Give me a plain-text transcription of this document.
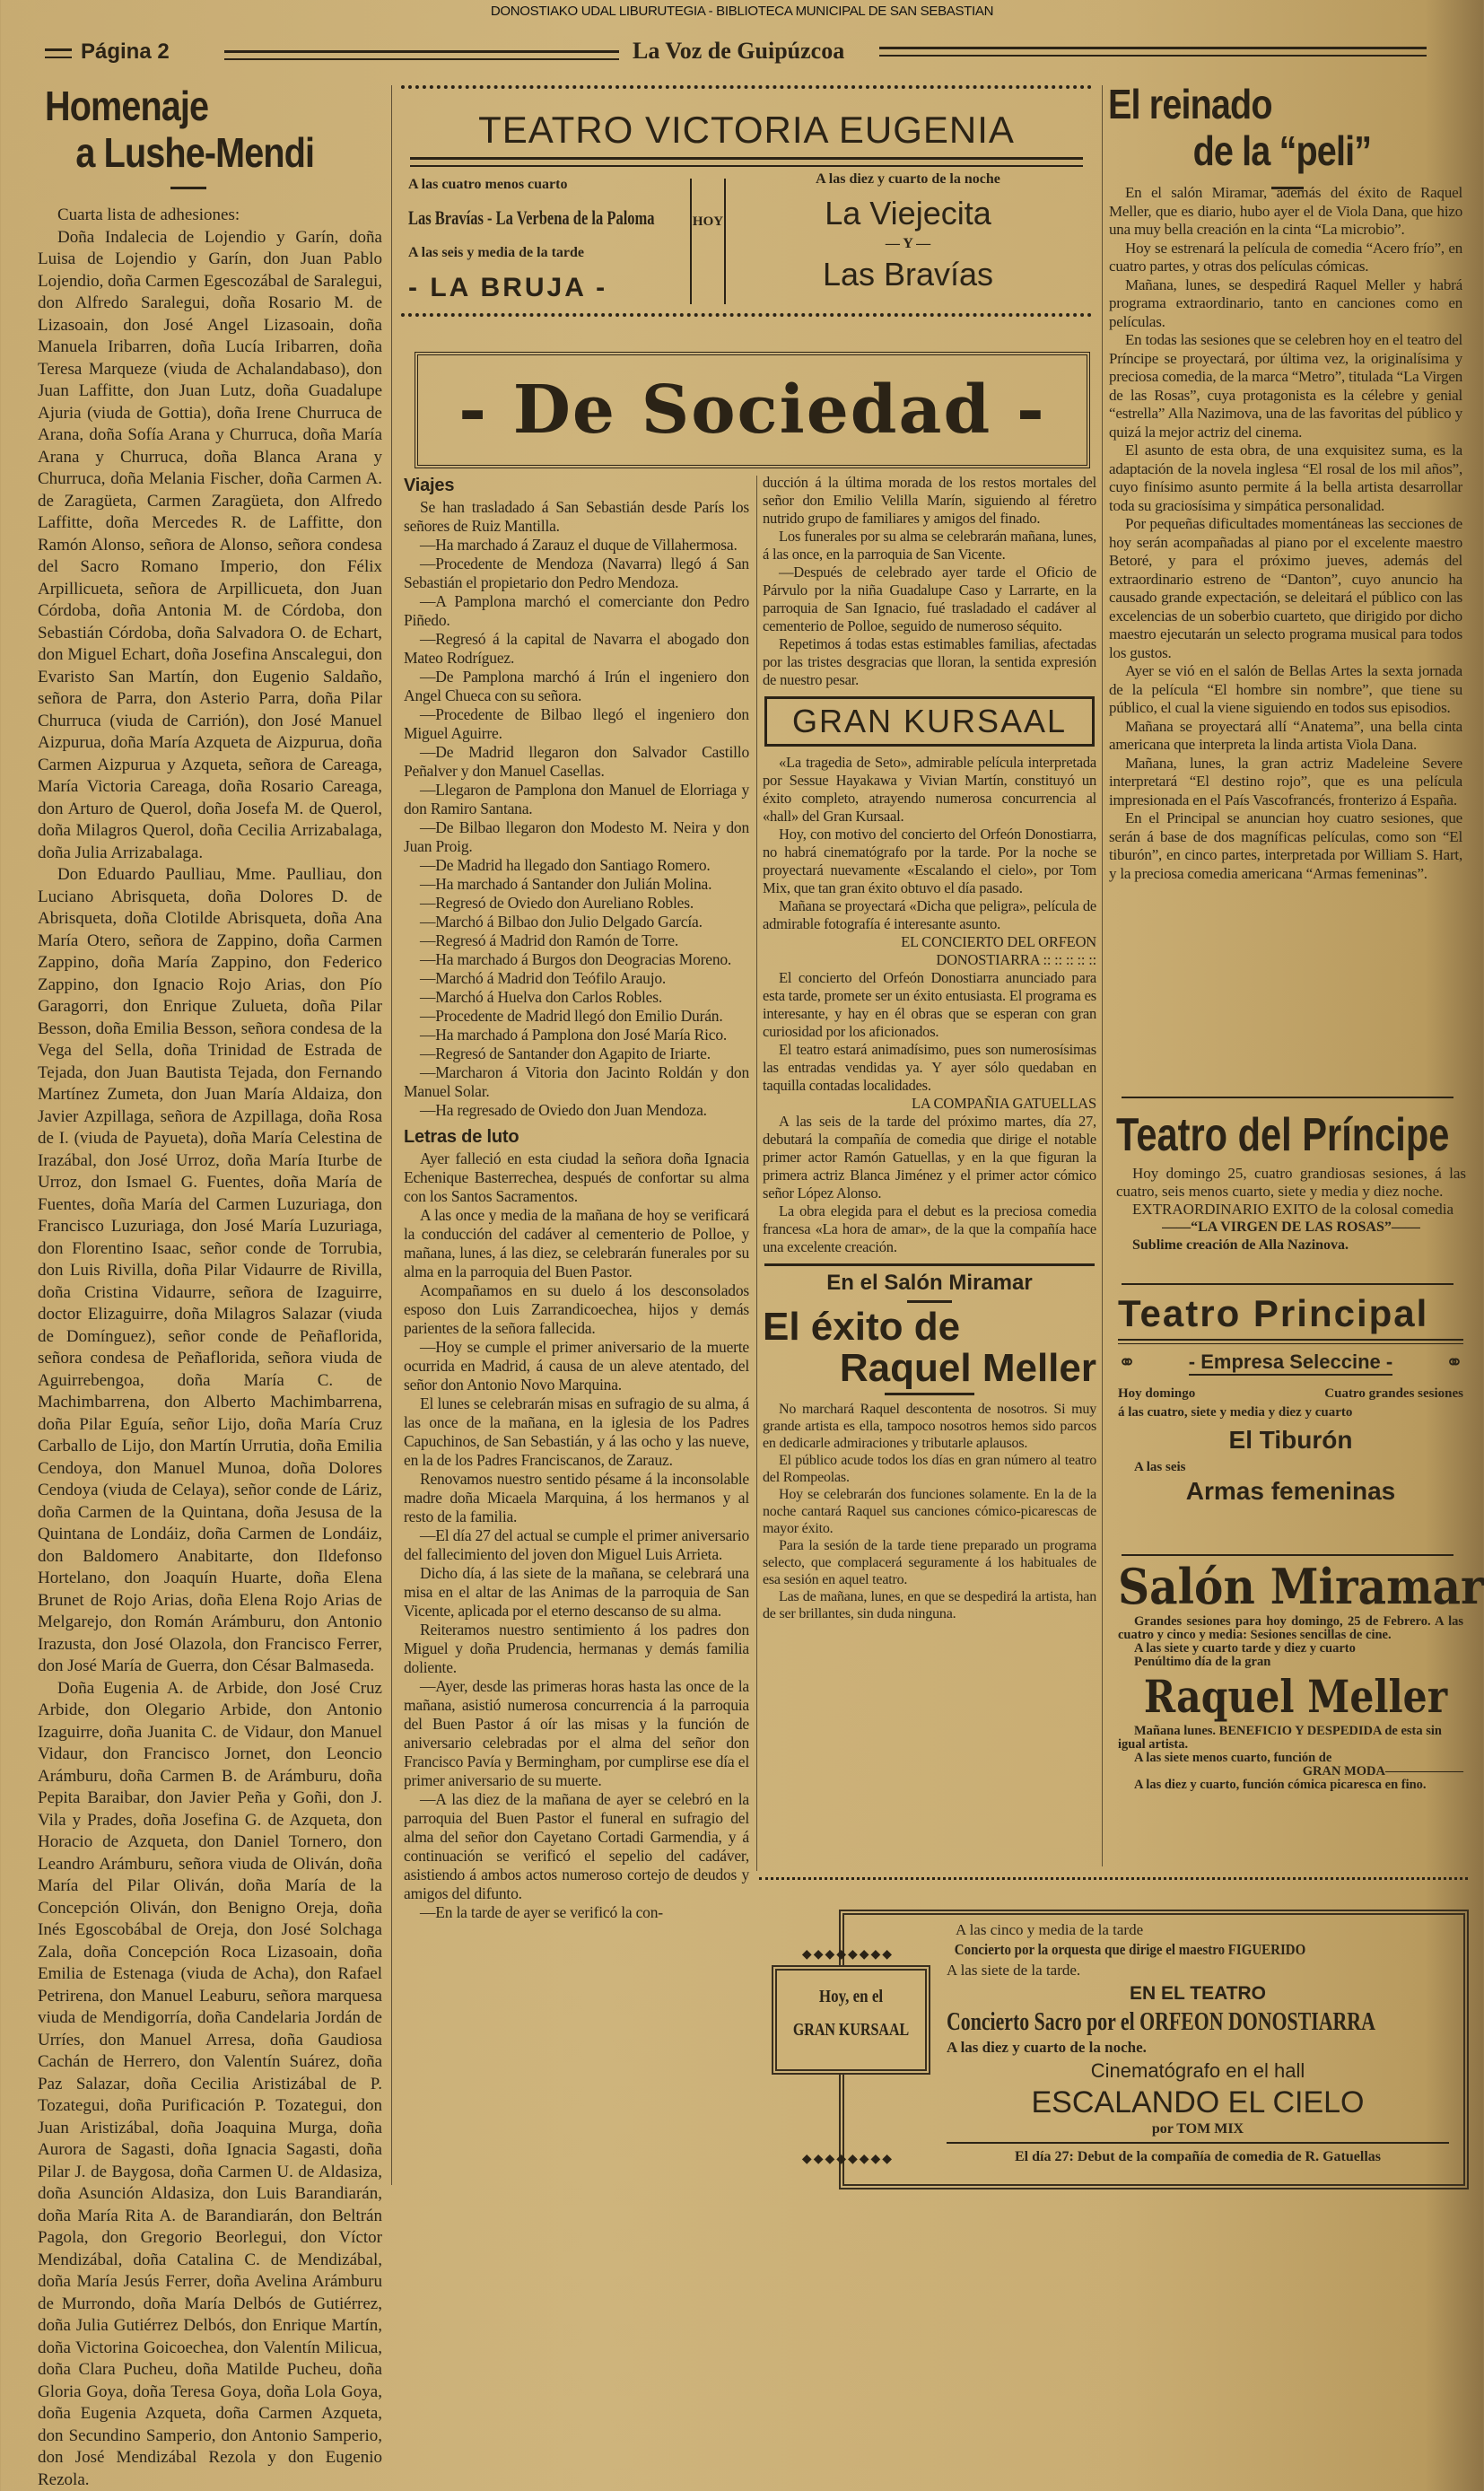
DONOSTIAKO UDAL LIBURUTEGIA - BIBLIOTECA MUNICIPAL DE SAN SEBASTIAN
Página 2	La Voz de Guipúzcoa
Homenaje
a Lushe-Mendi

Cuarta lista de adhesiones:

Doña Indalecia de Lojendio y Garín, doña Luisa de Lojendio y Garín, don Juan Pablo Lojendio, doña Carmen Egescozábal de Saralegui, don Alfredo Saralegui, doña Rosario M. de Lizasoain, don José Angel Lizasoain, doña Manuela Iribarren, doña Lucía Iribarren, doña Teresa Marqueze (viuda de Achalandabaso), don Juan Laffitte, don Juan Lutz, doña Guadalupe Ajuria (viuda de Gottia), doña Irene Churruca de Arana, doña Sofía Arana y Churruca, doña María Arana y Churruca, doña Blanca Arana y Churruca, doña Melania Fischer, doña Carmen A. de Zaragüeta, Carmen Zaragüeta, don Alfredo Laffitte, doña Mercedes R. de Laffitte, don Ramón Alonso, señora de Alonso, señora condesa del Sacro Romano Imperio, don Félix Arpillicueta, señora de Arpillicueta, don Juan Córdoba, doña Antonia M. de Córdoba, don Sebastián Córdoba, doña Salvadora O. de Echart, don Miguel Echart, doña Josefina Anscalegui, don Evaristo San Martín, don Eugenio Saldaño, señora de Parra, don Asterio Parra, doña Pilar Churruca (viuda de Carrión), don José Manuel Aizpurua, doña María Azqueta de Aizpurua, doña Carmen Aizpurua y Azqueta, señora de Careaga, María Victoria Careaga, doña Rosario Careaga, don Arturo de Querol, doña Josefa M. de Querol, doña Milagros Querol, doña Cecilia Arrizabalaga, doña Julia Arrizabalaga.

Don Eduardo Paulliau, Mme. Paulliau, don Luciano Abrisqueta, doña Dolores D. de Abrisqueta, doña Clotilde Abrisqueta, doña Ana María Otero, señora de Zappino, doña Carmen Zappino, doña María Zappino, don Federico Zappino, don Ignacio Rojo Arias, don Pío Garagorri, don Enrique Zulueta, doña Pilar Besson, doña Emilia Besson, señora condesa de la Vega del Sella, doña Trinidad de Estrada de Tejada, don Juan Bautista Tejada, don Fernando Martínez Zumeta, don Juan María Aldaiza, don Javier Azpillaga, señora de Azpillaga, doña Rosa de I. (viuda de Payueta), doña María Celestina de Irazábal, don José Urroz, doña María Iturbe de Urroz, don Ismael G. Fuentes, doña María de Fuentes, doña María del Carmen Luzuriaga, don Francisco Luzuriaga, don José María Luzuriaga, don Florentino Isaac, señor conde de Torrubia, don Luis Rivilla, doña Pilar Vidaurre de Rivilla, doña Cristina Vidaurre, señora de Izaguirre, doctor Elizaguirre, doña Milagros Salazar (viuda de Domínguez), señor conde de Peñaflorida, señora condesa de Peñaflorida, señora viuda de Aguirrebengoa, doña María C. de Machimbarrena, don Alberto Machimbarrena, doña Pilar Eguía, señor Lijo, doña María Cruz Carballo de Lijo, don Martín Urrutia, doña Emilia Cendoya, don Manuel Munoa, doña Dolores Cendoya (viuda de Celaya), señor conde de Láriz, doña Carmen de la Quintana, doña Jesusa de la Quintana de Londáiz, doña Carmen de Londáiz, don Baldomero Anabitarte, don Ildefonso Hortelano, don Joaquín Huarte, doña Elena Brunet de Rojo Arias, doña Elena Rojo Arias de Melgarejo, don Román Arámburu, don Antonio Irazusta, don José Olazola, don Francisco Ferrer, don José María de Guerra, don César Balmaseda.

Doña Eugenia A. de Arbide, don José Cruz Arbide, don Olegario Arbide, don Antonio Izaguirre, doña Juanita C. de Vidaur, don Manuel Vidaur, don Francisco Jornet, don Leoncio Arámburu, doña Carmen B. de Arámburu, doña Pepita Baraibar, don Javier Peña y Goñi, don J. Vila y Prades, doña Josefina G. de Azqueta, don Horacio de Azqueta, don Daniel Tornero, don Leandro Arámburu, señora viuda de Oliván, doña María del Pilar Oliván, doña María de la Concepción Oliván, don Benigno Oreja, doña Inés Egoscobábal de Oreja, don José Solchaga Zala, doña Concepción Roca Lizasoain, doña Emilia de Estenaga (viuda de Acha), don Rafael Petrirena, don Manuel Leaburu, señora marquesa viuda de Mendigorría, doña Candelaria Jordán de Urríes, don Manuel Arresa, doña Gaudiosa Cachán de Herrero, don Valentín Suárez, doña Paz Salazar, doña Cecilia Aristizábal de P. Tozategui, doña Purificación P. Tozategui, don Juan Aristizábal, doña Joaquina Murga, doña Aurora de Sagasti, doña Ignacia Sagasti, doña Pilar J. de Baygosa, doña Carmen U. de Aldasiza, doña Asunción Aldasiza, don Luis Barandiarán, doña María Rita A. de Barandiarán, don Beltrán Pagola, don Gregorio Beorlegui, don Víctor Mendizábal, doña Catalina C. de Mendizábal, doña María Jesús Ferrer, doña Avelina Arámburu de Murrondo, doña María Delbós de Gutiérrez, doña Julia Gutiérrez Delbós, don Enrique Martín, doña Victorina Goicoechea, don Valentín Milicua, doña Clara Pucheu, doña Matilde Pucheu, doña Gloria Goya, doña Teresa Goya, doña Lola Goya, doña Eugenia Azqueta, doña Carmen Azqueta, don Secundino Samperio, don Antonio Samperio, don José Mendizábal Rezola y don Eugenio Rezola.

TEATRO VICTORIA EUGENIA
A las cuatro menos cuarto
Las Bravías - La Verbena de la Paloma
A las seis y media de la tarde
- LA BRUJA -
HOY
A las diez y cuarto de la noche
La Viejecita
— Y —
Las Bravías
- De Sociedad -
Viajes

Se han trasladado á San Sebastián desde París los señores de Ruiz Mantilla.

—Ha marchado á Zarauz el duque de Villahermosa.

—Procedente de Mendoza (Navarra) llegó á San Sebastián el propietario don Pedro Mendoza.

—A Pamplona marchó el comerciante don Pedro Piñedo.

—Regresó á la capital de Navarra el abogado don Mateo Rodríguez.

—De Pamplona marchó á Irún el ingeniero don Angel Chueca con su señora.

—Procedente de Bilbao llegó el ingeniero don Miguel Aguirre.

—De Madrid llegaron don Salvador Castillo Peñalver y don Manuel Casellas.

—Llegaron de Pamplona don Manuel de Elorriaga y don Ramiro Santana.

—De Bilbao llegaron don Modesto M. Neira y don Juan Proig.

—De Madrid ha llegado don Santiago Romero.

—Ha marchado á Santander don Julián Molina.

—Regresó de Oviedo don Aureliano Robles.

—Marchó á Bilbao don Julio Delgado García.

—Regresó á Madrid don Ramón de Torre.

—Ha marchado á Burgos don Deogracias Moreno.

—Marchó á Madrid don Teófilo Araujo.

—Marchó á Huelva don Carlos Robles.

—Procedente de Madrid llegó don Emilio Durán.

—Ha marchado á Pamplona don José María Rico.

—Regresó de Santander don Agapito de Iriarte.

—Marcharon á Vitoria don Jacinto Roldán y don Manuel Solar.

—Ha regresado de Oviedo don Juan Mendoza.

Letras de luto

Ayer falleció en esta ciudad la señora doña Ignacia Echenique Basterrechea, después de confortar su alma con los Santos Sacramentos.

A las once y media de la mañana de hoy se verificará la conducción del cadáver al cementerio de Polloe, y mañana, lunes, á las diez, se celebrarán funerales por su alma en la parroquia del Buen Pastor.

Acompañamos en su duelo á los desconsolados esposo don Luis Zarrandicoechea, hijos y demás parientes de la señora fallecida.

—Hoy se cumple el primer aniversario de la muerte ocurrida en Madrid, á causa de un aleve atentado, del señor don Antonio Novo Marquina.

El lunes se celebrarán misas en sufragio de su alma, á las once de la mañana, en la iglesia de los Padres Capuchinos, de San Sebastián, y á las ocho y las nueve, en la de los Padres Franciscanos, de Zarauz.

Renovamos nuestro sentido pésame á la inconsolable madre doña Micaela Marquina, á los hermanos y al resto de la familia.

—El día 27 del actual se cumple el primer aniversario del fallecimiento del joven don Miguel Luis Arrieta.

Dicho día, á las siete de la mañana, se celebrará una misa en el altar de las Animas de la parroquia de San Vicente, aplicada por el eterno descanso de su alma.

Reiteramos nuestro sentimiento á los padres don Miguel y doña Prudencia, hermanas y demás familia doliente.

—Ayer, desde las primeras horas hasta las once de la mañana, asistió numerosa concurrencia á la parroquia del Buen Pastor á oír las misas y la función de aniversario celebradas por el alma del señor don Francisco Pavía y Bermingham, por cumplirse ese día el primer aniversario de su muerte.

—A las diez de la mañana de ayer se celebró en la parroquia del Buen Pastor el funeral en sufragio del alma del señor don Cayetano Cortadi Garmendia, y á continuación se verificó el sepelio del cadáver, asistiendo á ambos actos numeroso cortejo de deudos y amigos del difunto.

—En la tarde de ayer se verificó la con-

ducción á la última morada de los restos mortales del señor don Emilio Velilla Marín, siguiendo al féretro nutrido grupo de familiares y amigos del finado.

Los funerales por su alma se celebrarán mañana, lunes, á las once, en la parroquia de San Vicente.

—Después de celebrado ayer tarde el Oficio de Párvulo por la niña Guadalupe Caso y Larrarte, en la parroquia de San Ignacio, fué trasladado el cadáver al cementerio de Polloe, seguido de numeroso séquito.

Repetimos á todas estas estimables familias, afectadas por las tristes desgracias que lloran, la sentida expresión de nuestro pesar.

GRAN KURSAAL

«La tragedia de Seto», admirable película interpretada por Sessue Hayakawa y Vivian Martín, constituyó un éxito completo, atrayendo numerosa concurrencia al «hall» del Gran Kursaal.

Hoy, con motivo del concierto del Orfeón Donostiarra, no habrá cinematógrafo por la tarde. Por la noche se proyectará nuevamente «Escalando el cielo», por Tom Mix, que tan gran éxito obtuvo el día pasado.

Mañana se proyectará «Dicha que peligra», película de admirable fotografía é interesante asunto.

EL CONCIERTO DEL ORFEON DONOSTIARRA :: :: :: :: ::

El concierto del Orfeón Donostiarra anunciado para esta tarde, promete ser un éxito entusiasta. El programa es interesante, y hay en él obras que se esperan con gran curiosidad por los aficionados.

El teatro estará animadísimo, pues son numerosísimas las entradas vendidas ya. Y ayer sólo quedaban en taquilla contadas localidades.

LA COMPAÑIA GATUELLAS

A las seis de la tarde del próximo martes, día 27, debutará la compañía de comedia que dirige el notable primer actor Ramón Gatuellas, y en la que figuran la primera actriz Blanca Jiménez y el primer actor cómico señor López Alonso.

La obra elegida para el debut es la preciosa comedia francesa «La hora de amar», de la que la compañía hace una excelente creación.

En el Salón Miramar
El éxito de
Raquel Meller

No marchará Raquel descontenta de nosotros. Si muy grande artista es ella, tampoco nosotros hemos sido parcos en dedicarle admiraciones y tributarle aplausos.

El público acude todos los días en gran número al teatro del Rompeolas.

Hoy se celebrarán dos funciones solamente. En la de la noche cantará Raquel sus canciones cómico-picarescas de mayor éxito.

Para la sesión de la tarde tiene preparado un programa selecto, que complacerá seguramente á los habituales de esa sesión en aquel teatro.

Las de mañana, lunes, en que se despedirá la artista, han de ser brillantes, sin duda ninguna.

El reinado
de la “peli”

En el salón Miramar, además del éxito de Raquel Meller, que es diario, hubo ayer el de Viola Dana, que hizo una muy bella creación en la cinta “La microbio”.

Hoy se estrenará la película de comedia “Acero frío”, en cuatro partes, y otras dos películas cómicas.

Mañana, lunes, se despedirá Raquel Meller y habrá programa extraordinario, tanto en canciones como en películas.

En todas las sesiones que se celebren hoy en el teatro del Príncipe se proyectará, por última vez, la originalísima y preciosa comedia, de la marca “Metro”, titulada “La Virgen de las Rosas”, cuya protagonista es la célebre y genial “estrella” Alla Nazimova, una de las favoritas del público y quizá la mejor actriz del cinema.

El asunto de esta obra, de una exquisitez suma, es la adaptación de la novela inglesa “El rosal de los mil años”, cuyo finísimo asunto permite á la bella artista desarrollar toda su graciosísima y simpática personalidad.

Por pequeñas dificultades momentáneas las secciones de hoy serán acompañadas al piano por el excelente maestro Betoré, y para el próximo jueves, además del extraordinario estreno de “Danton”, cuyo anuncio ha causado grande expectación, se deleitará el público con las excelencias de un soberbio cuarteto, que dirigido por dicho maestro ejecutarán un selecto programa musical para todos los gustos.

Ayer se vió en el salón de Bellas Artes la sexta jornada de la película “El hombre sin nombre”, que tiene su público, el cual la viene siguiendo en todos sus episodios.

Mañana se proyectará allí “Anatema”, una bella cinta americana que interpreta la linda artista Viola Dana.

Mañana, lunes, la gran actriz Madeleine Severe interpretará “El destino rojo”, que es una película impresionada en el País Vascofrancés, fronterizo á España.

En el Principal se anuncian hoy cuatro sesiones, que serán á base de dos magníficas películas, como son “El tiburón”, en cinco partes, interpretada por William S. Hart, y la preciosa comedia americana “Armas femeninas”.

Teatro del Príncipe
Hoy domingo 25, cuatro grandiosas sesiones, á las cuatro, seis menos cuarto, siete y media y diez noche.
EXTRAORDINARIO EXITO de la colosal comedia
——“LA VIRGEN DE LAS ROSAS”——
Sublime creación de Alla Nazinova.
Teatro Principal
⚭	- Empresa Seleccine - ⚭
Hoy domingo	Cuatro grandes sesiones
á las cuatro, siete y media y diez y cuarto
El Tiburón
A las seis
Armas femeninas
Salón Miramar
Grandes sesiones para hoy domingo, 25 de Febrero. A las cuatro y cinco y media: Sesiones sencillas de cine.
A las siete y cuarto tarde y diez y cuarto
Penúltimo día de la gran
Raquel Meller
Mañana lunes. BENEFICIO Y DESPEDIDA de esta sin igual artista.
A las siete menos cuarto, función de
GRAN MODA——————
A las diez y cuarto, función cómica picaresca en fino.
Hoy, en el
GRAN KURSAAL
◆◆◆◆◆◆◆◆
◆◆◆◆◆◆◆◆
A las cinco y media de la tarde
Concierto por la orquesta que dirige el maestro FIGUERIDO
A las siete de la tarde.
EN EL TEATRO
Concierto Sacro por el ORFEON DONOSTIARRA
A las diez y cuarto de la noche.
Cinematógrafo en el hall
ESCALANDO EL CIELO
por TOM MIX
El día 27: Debut de la compañía de comedia de R. Gatuellas
